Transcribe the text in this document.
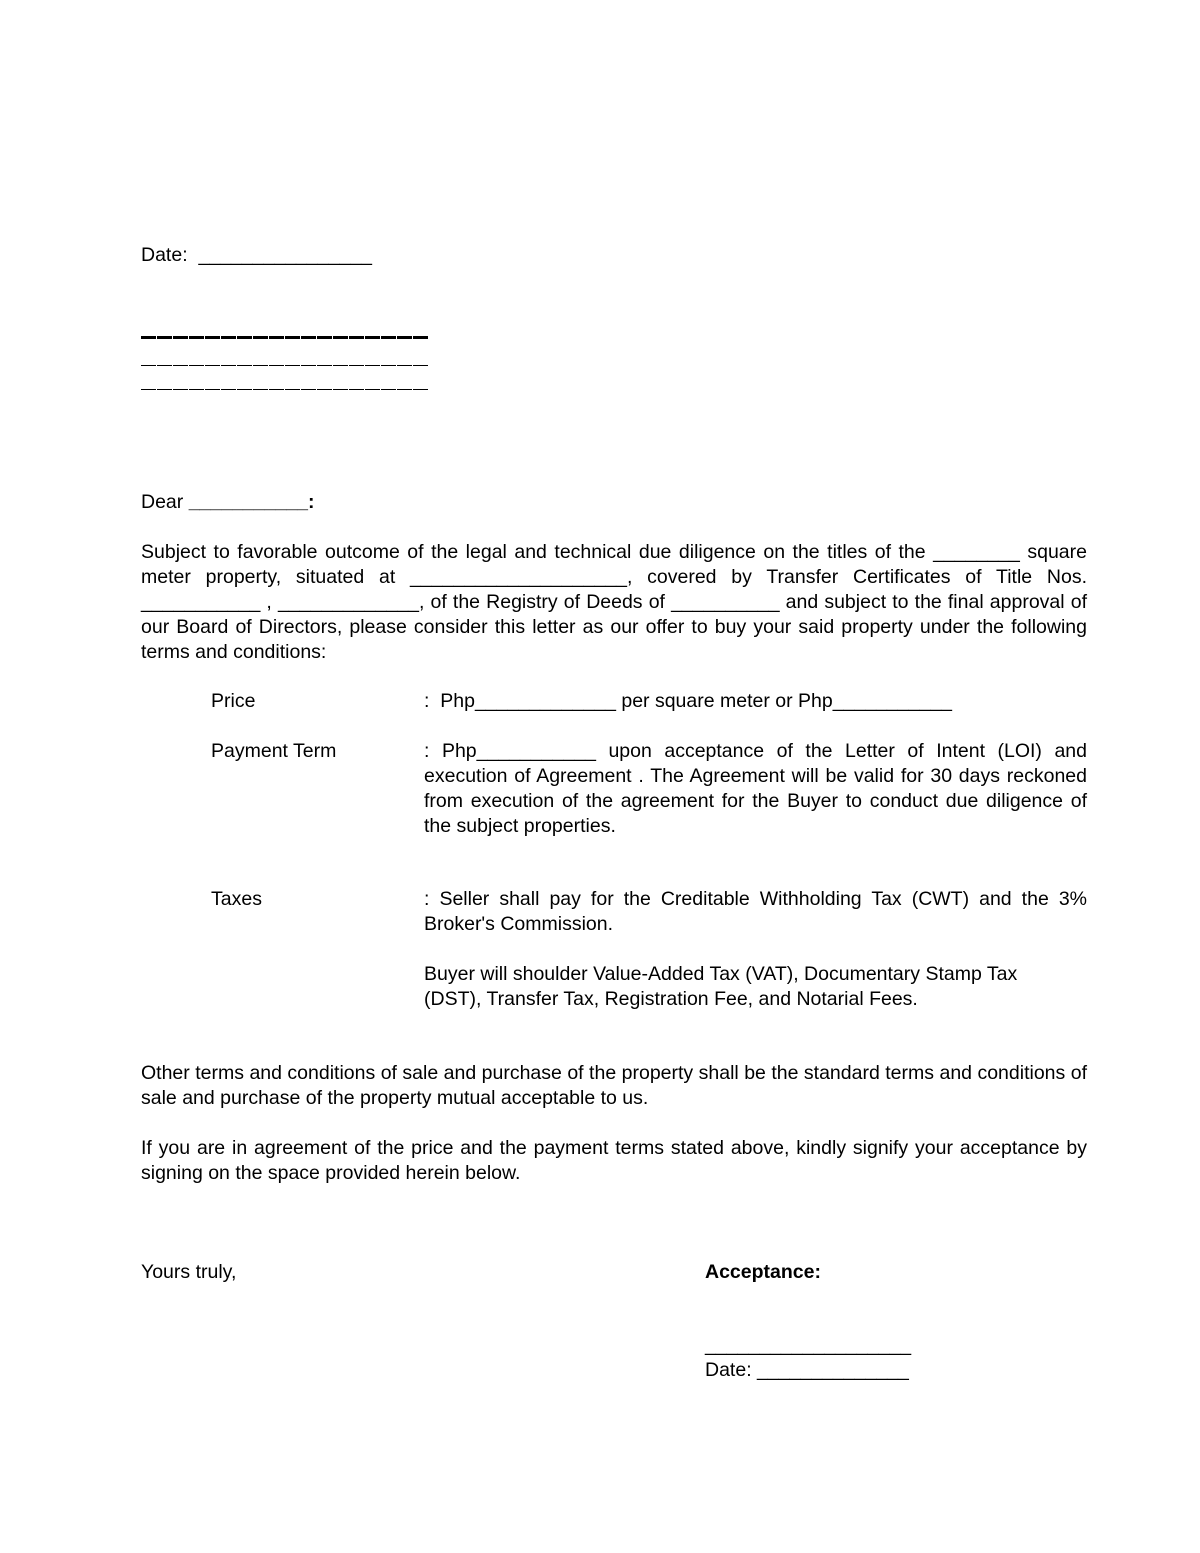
Date:  ________________
Dear ___________:
Subject to favorable outcome of the legal and technical due diligence on the titles of the ________ square meter property, situated at ____________________, covered by Transfer Certificates of Title Nos. ___________ , _____________, of the Registry of Deeds of __________ and subject to the final approval of our Board of Directors, please consider this letter as our offer to buy your said property under the following terms and conditions:
Price	:  Php_____________ per square meter or Php___________
Payment Term	: Php___________ upon acceptance of the Letter of Intent (LOI) and execution of Agreement . The Agreement will be valid for 30 days reckoned from execution of the agreement for the Buyer to conduct due diligence of the subject properties.
Taxes	: Seller shall pay for the Creditable Withholding Tax (CWT) and the 3% Broker's Commission.
Buyer will shoulder Value-Added Tax (VAT), Documentary Stamp Tax (DST), Transfer Tax, Registration Fee, and Notarial Fees.
Other terms and conditions of sale and purchase of the property shall be the standard terms and conditions of sale and purchase of the property mutual acceptable to us.
If you are in agreement of the price and the payment terms stated above, kindly signify your acceptance by signing on the space provided herein below.
Yours truly,	Acceptance:
___________________
Date: ______________
